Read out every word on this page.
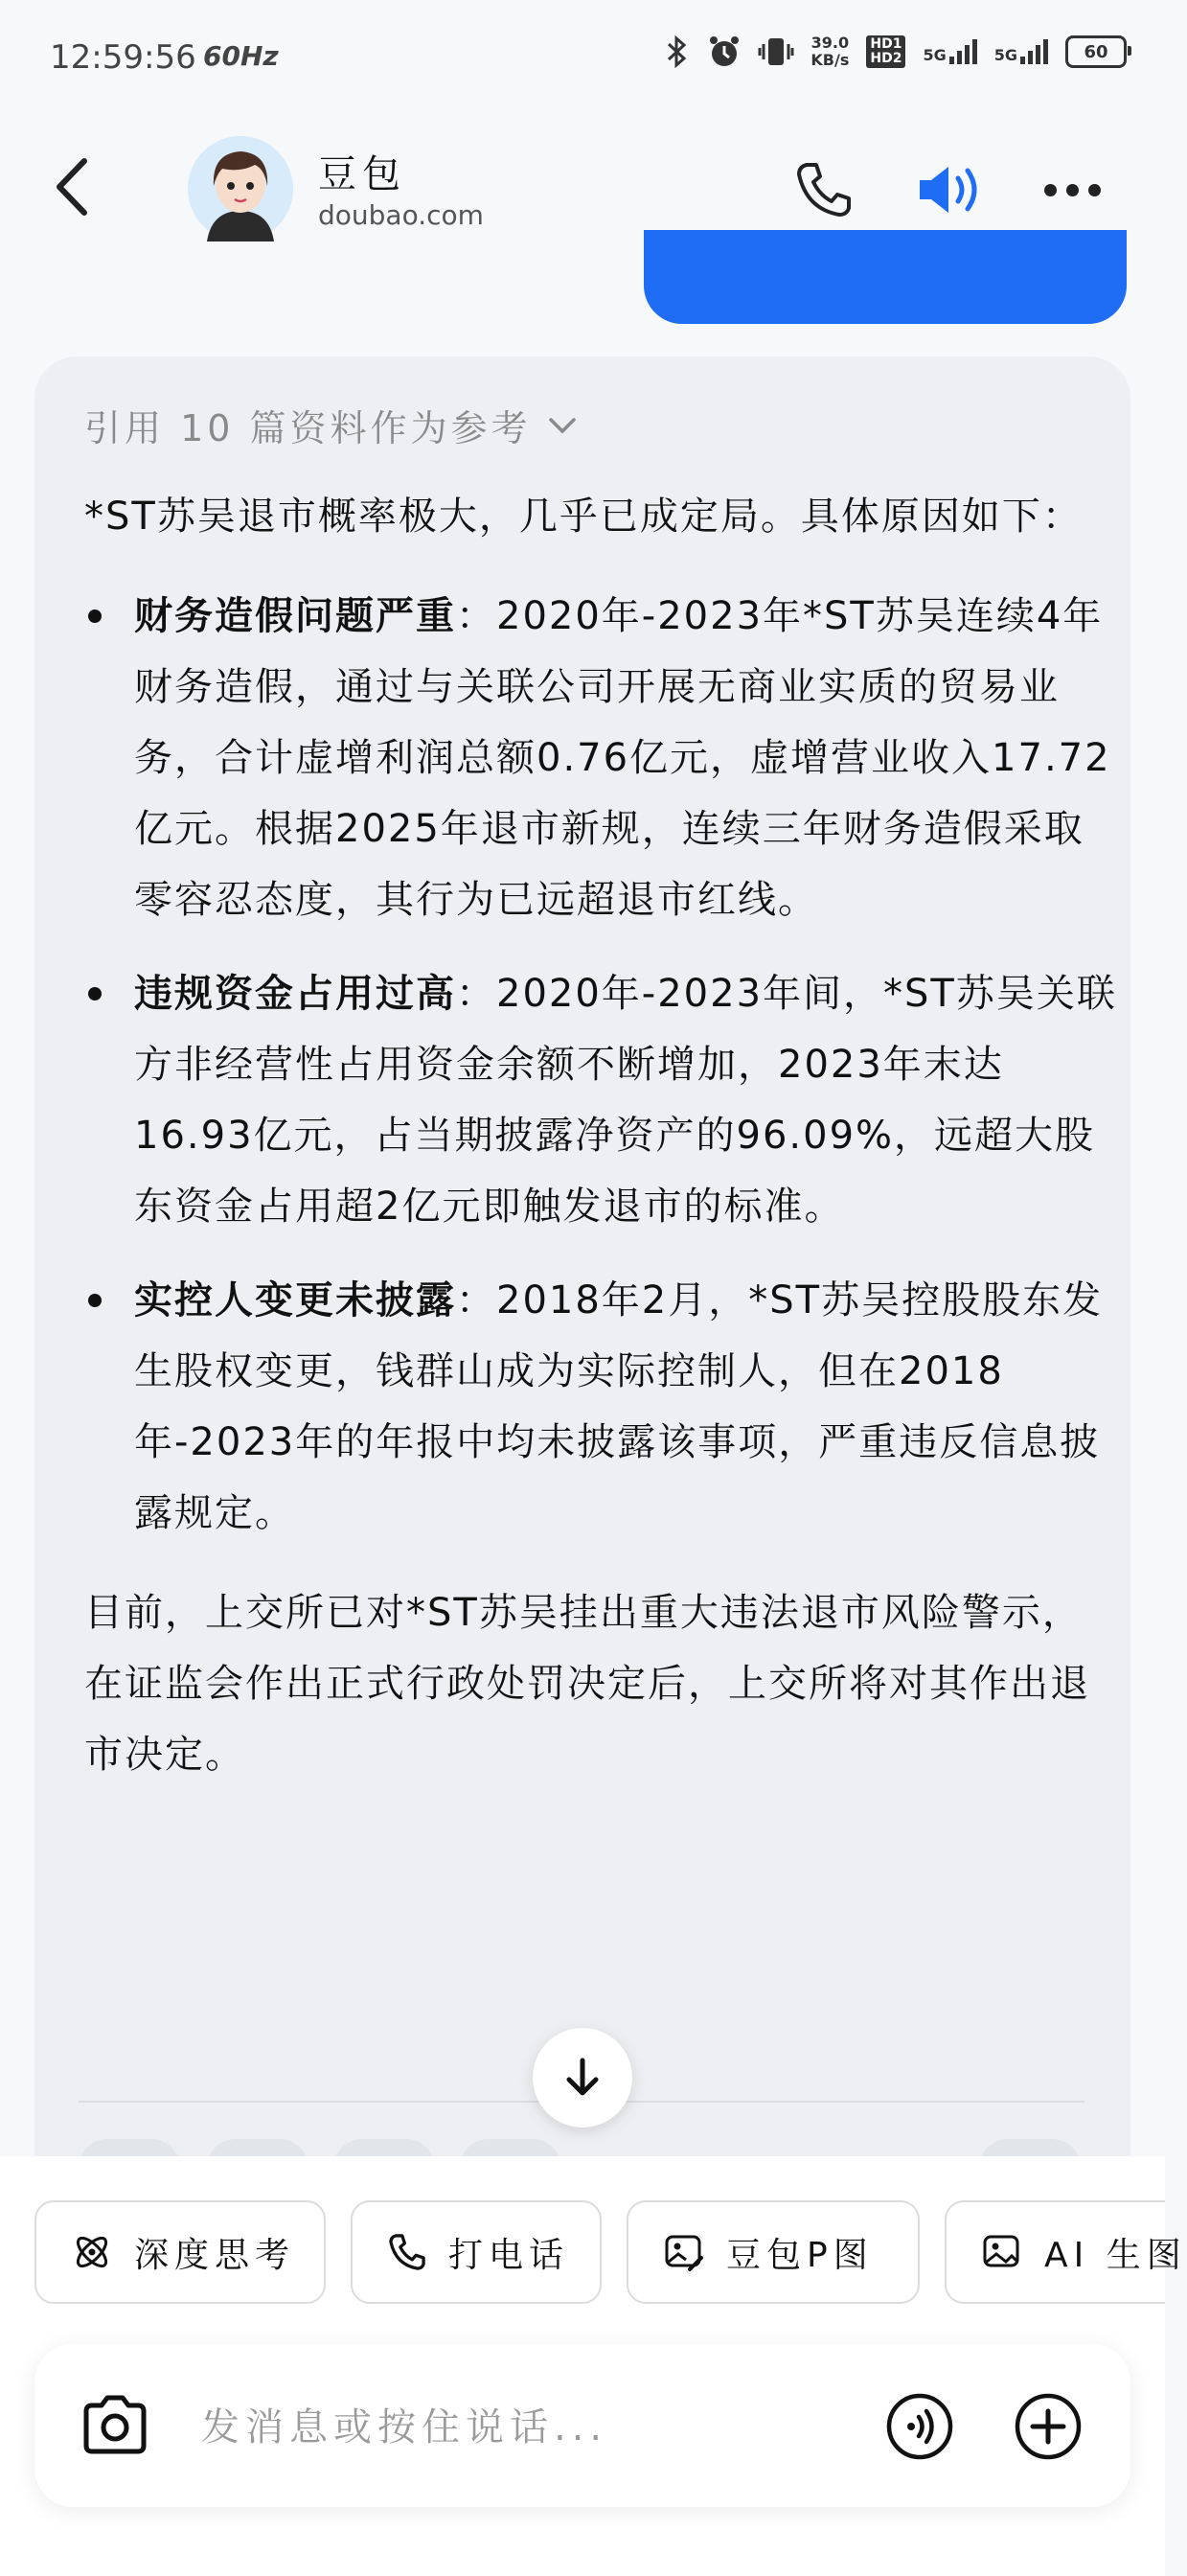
12:59:56 60Hz	39.0
KB/s
HD1
HD2 5G	5G	60
豆包
doubao.com
引用 10 篇资料作为参考

*ST苏吴退市概率极大，几乎已成定局。具体原因如下：

财务造假问题严重：2020年-2023年*ST苏吴连续4年财务造假，通过与关联公司开展无商业实质的贸易业务，合计虚增利润总额0.76亿元，虚增营业收入17.72亿元。根据2025年退市新规，连续三年财务造假采取零容忍态度，其行为已远超退市红线。
违规资金占用过高：2020年-2023年间，*ST苏吴关联方非经营性占用资金余额不断增加，2023年末达16.93亿元，占当期披露净资产的96.09%，远超大股东资金占用超2亿元即触发退市的标准。
实控人变更未披露：2018年2月，*ST苏吴控股股东发生股权变更，钱群山成为实际控制人，但在2018年-2023年的年报中均未披露该事项，严重违反信息披露规定。

目前，上交所已对*ST苏吴挂出重大违法退市风险警示，在证监会作出正式行政处罚决定后，上交所将对其作出退市决定。

深度思考	打电话	豆包P图	AI 生图
发消息或按住说话...
